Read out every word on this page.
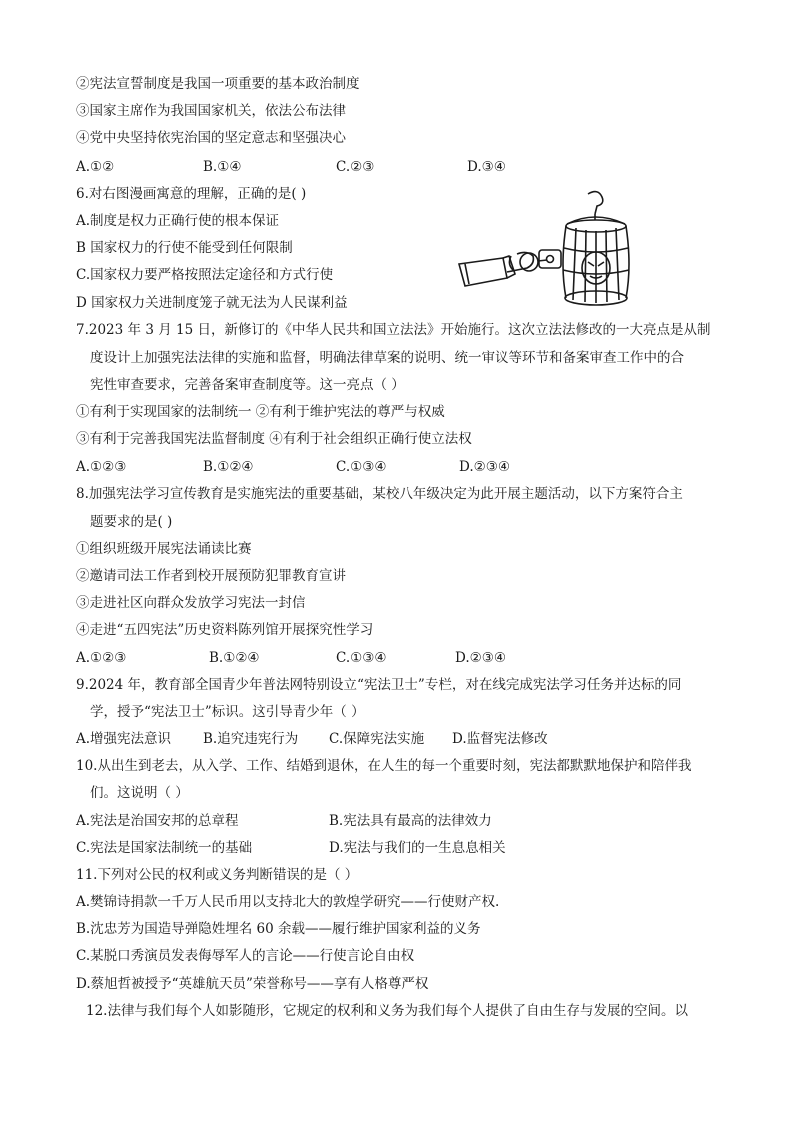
②宪法宣誓制度是我国一项重要的基本政治制度
③国家主席作为我国国家机关，依法公布法律
④党中央坚持依宪治国的坚定意志和坚强决心
A.①②	B.①④	C.②③	D.③④
6.对右图漫画寓意的理解，正确的是( )
A.制度是权力正确行使的根本保证
B 国家权力的行使不能受到任何限制
C.国家权力要严格按照法定途径和方式行使
D 国家权力关进制度笼子就无法为人民谋利益
7.2023 年 3 月 15 日，新修订的《中华人民共和国立法法》开始施行。这次立法法修改的一大亮点是从制
度设计上加强宪法法律的实施和监督，明确法律草案的说明、统一审议等环节和备案审查工作中的合
宪性审查要求，完善备案审查制度等。这一亮点（ ）
①有利于实现国家的法制统一 ②有利于维护宪法的尊严与权威
③有利于完善我国宪法监督制度 ④有利于社会组织正确行使立法权
A.①②③	B.①②④	C.①③④	D.②③④
8.加强宪法学习宣传教育是实施宪法的重要基础，某校八年级决定为此开展主题活动，以下方案符合主
题要求的是( )
①组织班级开展宪法诵读比赛
②邀请司法工作者到校开展预防犯罪教育宣讲
③走进社区向群众发放学习宪法一封信
④走进“五四宪法”历史资料陈列馆开展探究性学习
A.①②③	B.①②④	C.①③④	D.②③④
9.2024 年，教育部全国青少年普法网特别设立“宪法卫士”专栏，对在线完成宪法学习任务并达标的同
学，授予“宪法卫士”标识。这引导青少年（ ）
A.增强宪法意识 B.追究违宪行为 C.保障宪法实施 D.监督宪法修改
10.从出生到老去，从入学、工作、结婚到退休，在人生的每一个重要时刻，宪法都默默地保护和陪伴我
们。这说明（ ）
A.宪法是治国安邦的总章程	B.宪法具有最高的法律效力
C.宪法是国家法制统一的基础	D.宪法与我们的一生息息相关
11.下列对公民的权利或义务判断错误的是（ ）
A.樊锦诗捐款一千万人民币用以支持北大的敦煌学研究——行使财产权.
B.沈忠芳为国造导弹隐姓埋名 60 余载——履行维护国家利益的义务
C.某脱口秀演员发表侮辱军人的言论——行使言论自由权
D.蔡旭哲被授予“英雄航天员”荣誉称号——享有人格尊严权
12.法律与我们每个人如影随形，它规定的权利和义务为我们每个人提供了自由生存与发展的空间。以
